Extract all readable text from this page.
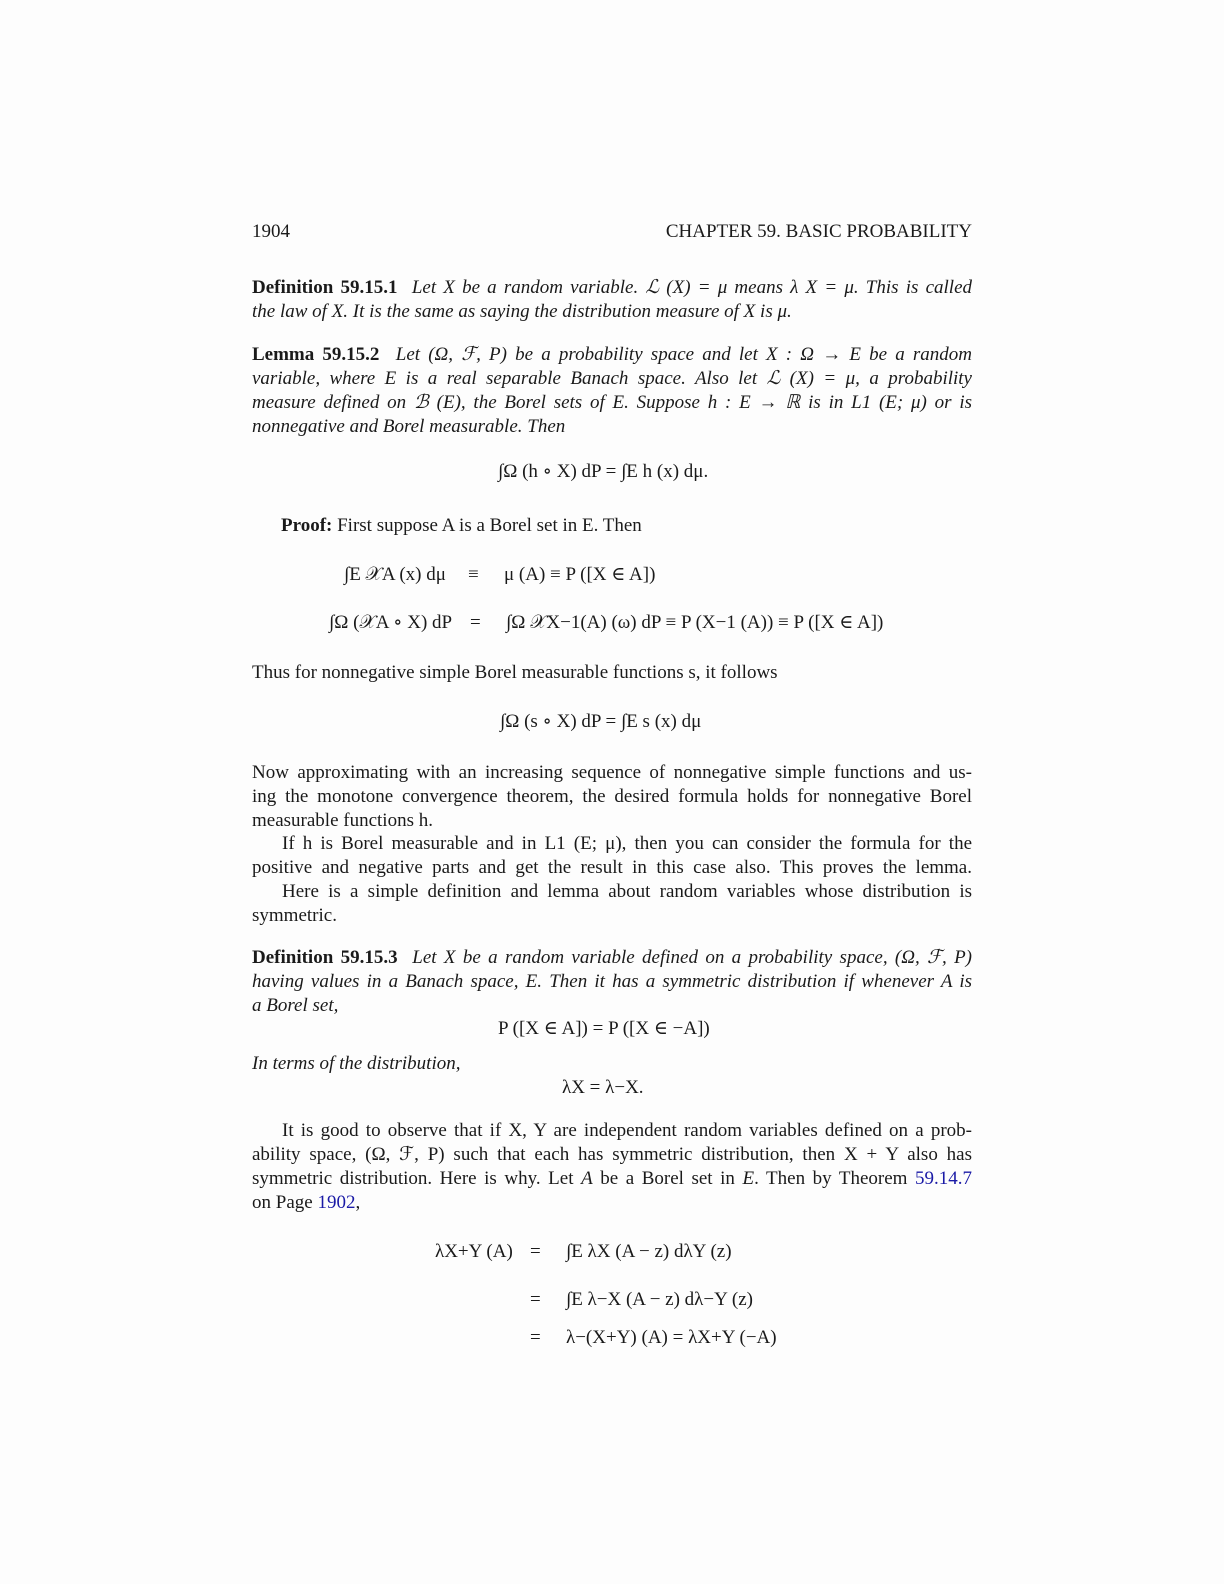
1904	CHAPTER 59. BASIC PROBABILITY
Definition 59.15.1 Let X be a random variable. ℒ (X) = μ means λ X = μ. This is called
the law of X. It is the same as saying the distribution measure of X is μ.
Lemma 59.15.2 Let (Ω, ℱ, P) be a probability space and let X : Ω → E be a random
variable, where E is a real separable Banach space. Also let ℒ (X) = μ, a probability
measure defined on ℬ (E), the Borel sets of E. Suppose h : E → ℝ is in L1 (E; μ) or is
nonnegative and Borel measurable. Then
∫Ω (h ∘ X) dP = ∫E h (x) dμ.
Proof: First suppose A is a Borel set in E. Then
∫E 𝒳A (x) dμ ≡ μ (A) ≡ P ([X ∈ A])
∫Ω (𝒳A ∘ X) dP = ∫Ω 𝒳X−1(A) (ω) dP ≡ P (X−1 (A)) ≡ P ([X ∈ A])
Thus for nonnegative simple Borel measurable functions s, it follows
∫Ω (s ∘ X) dP = ∫E s (x) dμ
Now approximating with an increasing sequence of nonnegative simple functions and us-
ing the monotone convergence theorem, the desired formula holds for nonnegative Borel
measurable functions h.
If h is Borel measurable and in L1 (E; μ), then you can consider the formula for the
positive and negative parts and get the result in this case also. This proves the lemma.
Here is a simple definition and lemma about random variables whose distribution is
symmetric.
Definition 59.15.3 Let X be a random variable defined on a probability space, (Ω, ℱ, P)
having values in a Banach space, E. Then it has a symmetric distribution if whenever A is
a Borel set,
P ([X ∈ A]) = P ([X ∈ −A])
In terms of the distribution,
λX = λ−X.
It is good to observe that if X, Y are independent random variables defined on a prob-
ability space, (Ω, ℱ, P) such that each has symmetric distribution, then X + Y also has
symmetric distribution. Here is why. Let A be a Borel set in E. Then by Theorem 59.14.7
on Page 1902,
λX+Y (A) = ∫E λX (A − z) dλY (z)
= ∫E λ−X (A − z) dλ−Y (z)
= λ−(X+Y) (A) = λX+Y (−A)
